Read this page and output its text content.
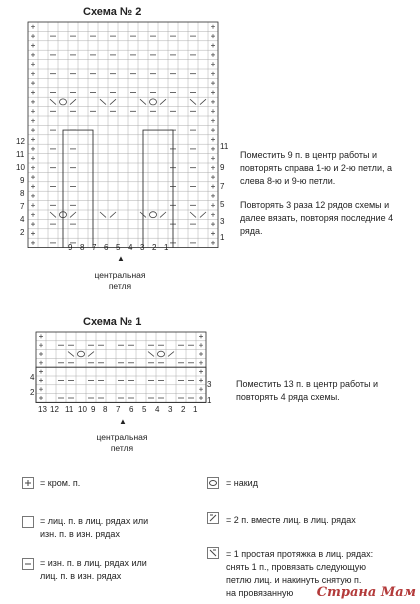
Схема № 2
12
11
10
9
8
7
4
2
11
9
7
5
3
1
9 8 7 6 5 4 3 2 1
▲
центральная
петля
Поместить 9 п. в центр работы и повторять справа 1-ю и 2-ю петли, а слева 8-ю и 9-ю петли.
Повторять 3 раза 12 рядов схемы и далее вязать, повторяя последние 4 ряда.
Схема № 1
4
2
3
1
13 12 11 10 9 8 7 6 5 4 3 2 1
▲
центральная
петля
Поместить 13 п. в центр работы и повторять 4 ряда схемы.
= кром. п.	= накид
= лиц. п. в лиц. рядах или
изн. п. в изн. рядах
= 2 п. вместе лиц. в лиц. рядах
= изн. п. в лиц. рядах или
лиц. п. в изн. рядах
= 1 простая протяжка в лиц. рядах:
снять 1 п., провязать следующую
петлю лиц. и накинуть снятую п.
на провязанную	Страна Мам
